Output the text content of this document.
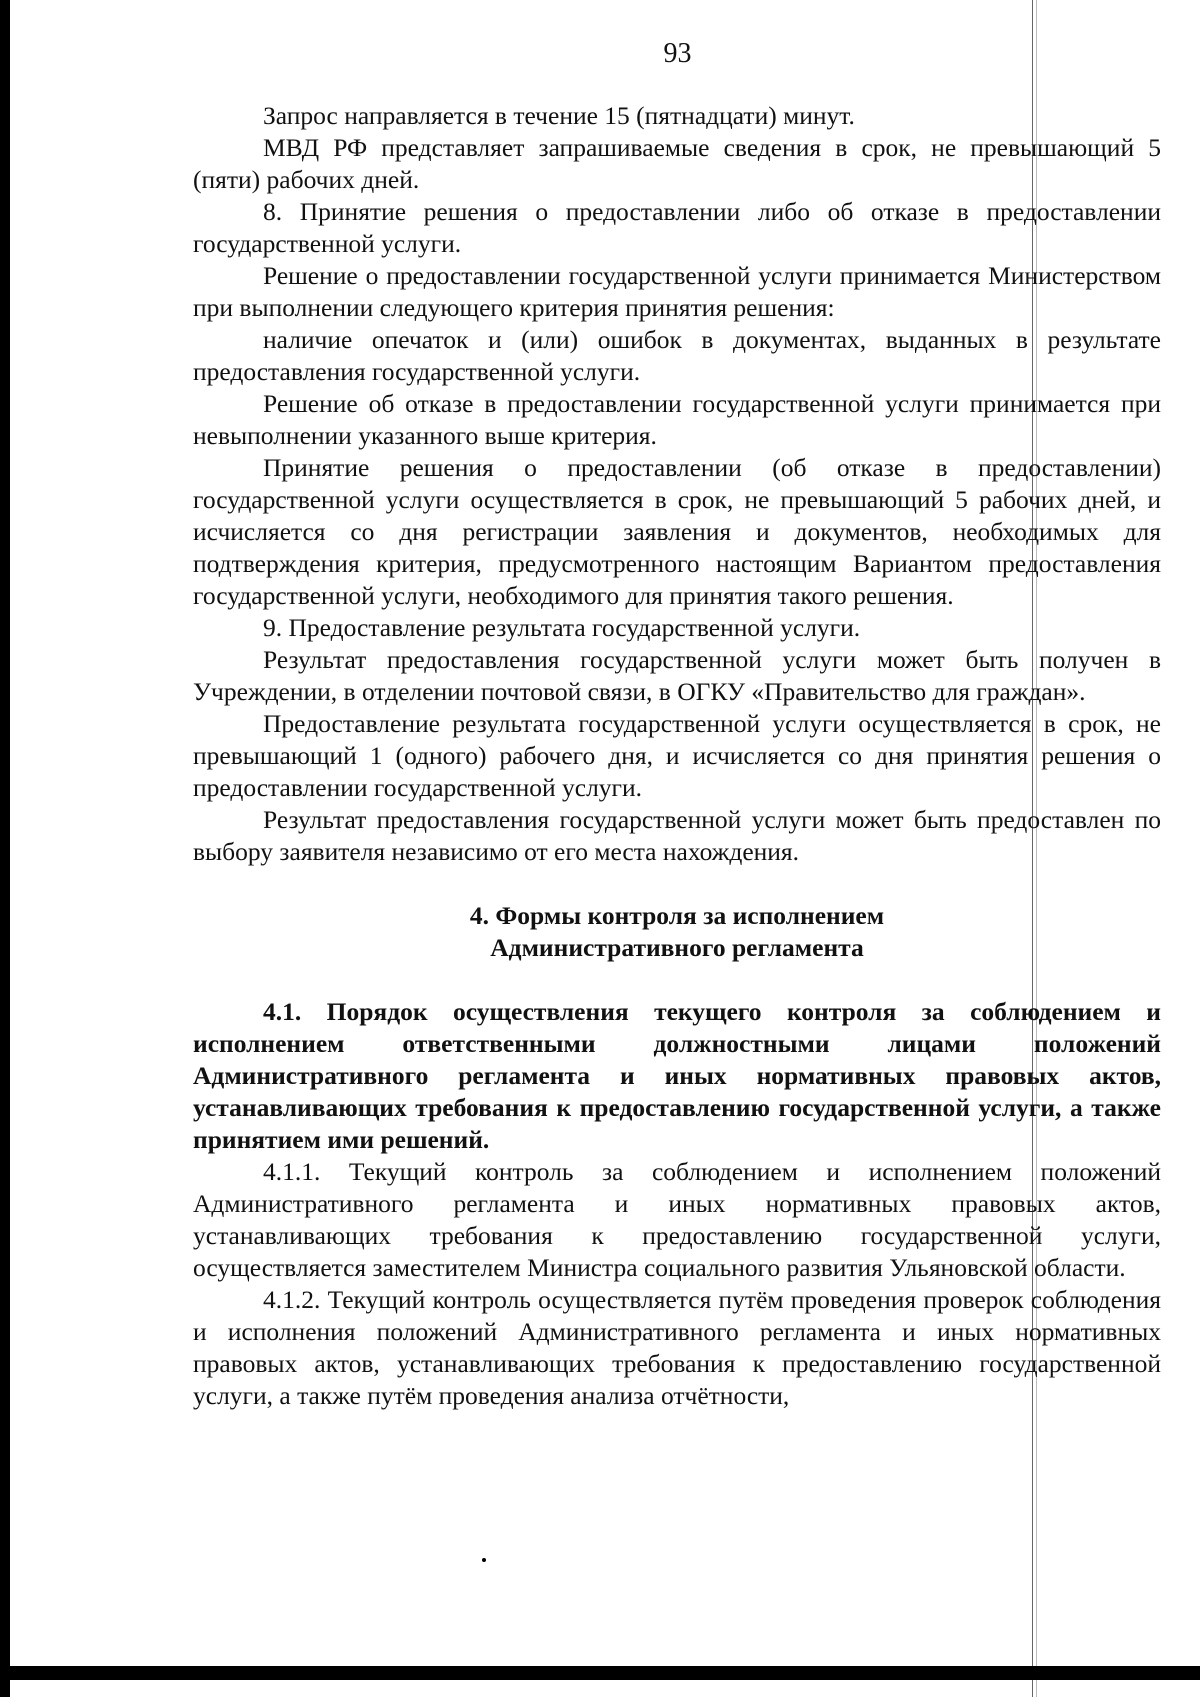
93

Запрос направляется в течение 15 (пятнадцати) минут.

МВД РФ представляет запрашиваемые сведения в срок, не превышающий 5 (пяти) рабочих дней.

8. Принятие решения о предоставлении либо об отказе в предоставлении государственной услуги.

Решение о предоставлении государственной услуги принимается Министерством при выполнении следующего критерия принятия решения:

наличие опечаток и (или) ошибок в документах, выданных в результате предоставления государственной услуги.

Решение об отказе в предоставлении государственной услуги принимается при невыполнении указанного выше критерия.

Принятие решения о предоставлении (об отказе в предоставлении) государственной услуги осуществляется в срок, не превышающий 5 рабочих дней, и исчисляется со дня регистрации заявления и документов, необходимых для подтверждения критерия, предусмотренного настоящим Вариантом предоставления государственной услуги, необходимого для принятия такого решения.

9. Предоставление результата государственной услуги.

Результат предоставления государственной услуги может быть получен в Учреждении, в отделении почтовой связи, в ОГКУ «Правительство для граждан».

Предоставление результата государственной услуги осуществляется в срок, не превышающий 1 (одного) рабочего дня, и исчисляется со дня принятия решения о предоставлении государственной услуги.

Результат предоставления государственной услуги может быть предоставлен по выбору заявителя независимо от его места нахождения.

4. Формы контроля за исполнением

Административного регламента

4.1. Порядок осуществления текущего контроля за соблюдением и исполнением ответственными должностными лицами положений Административного регламента и иных нормативных правовых актов, устанавливающих требования к предоставлению государственной услуги, а также принятием ими решений.

4.1.1. Текущий контроль за соблюдением и исполнением положений Административного регламента и иных нормативных правовых актов, устанавливающих требования к предоставлению государственной услуги, осуществляется заместителем Министра социального развития Ульяновской области.

4.1.2. Текущий контроль осуществляется путём проведения проверок соблюдения и исполнения положений Административного регламента и иных нормативных правовых актов, устанавливающих требования к предоставлению государственной услуги, а также путём проведения анализа отчётности,
